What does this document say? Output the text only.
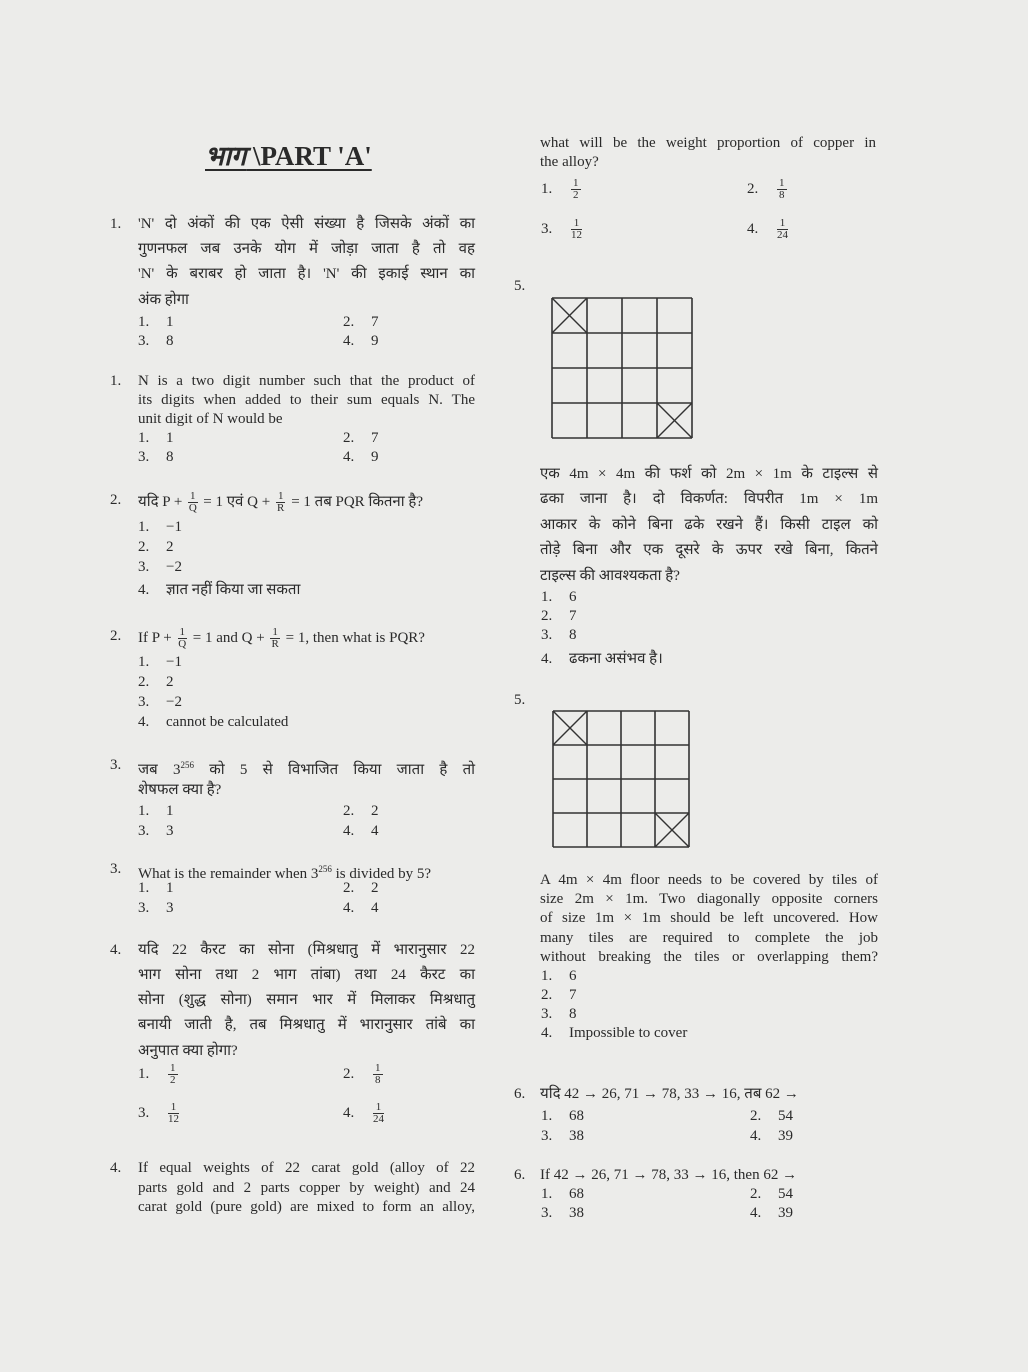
भाग \PART 'A'
1. 'N' दो अंकों की एक ऐसी संख्या है जिसके अंकों का
गुणनफल जब उनके योग में जोड़ा जाता है तो वह
'N' के बराबर हो जाता है। 'N' की इकाई स्थान का
अंक होगा
1. 1	2. 7
3. 8	4. 9
1. N is a two digit number such that the product of
its digits when added to their sum equals N. The
unit digit of N would be
1. 1	2. 7
3. 8	4. 9
2. यदि $P + \frac{1}{Q} = 1$ एवं $Q + \frac{1}{R} = 1$ तब PQR कितना है?
1. −1
2. 2
3. −2
4. ज्ञात नहीं किया जा सकता
2. If $P + \frac{1}{Q} = 1$ and $Q + \frac{1}{R} = 1$, then what is PQR?
1. −1
2. 2
3. −2
4. cannot be calculated
3. जब $3^{256}$ को 5 से विभाजित किया जाता है तो
शेषफल क्या है?
1. 1	2. 2
3. 3	4. 4
3. What is the remainder when $3^{256}$ is divided by 5?
1. 1	2. 2
3. 3	4. 4
4. यदि 22 कैरट का सोना (मिश्रधातु में भारानुसार 22
भाग सोना तथा 2 भाग तांबा) तथा 24 कैरट का
सोना (शुद्ध सोना) समान भार में मिलाकर मिश्रधातु
बनायी जाती है, तब मिश्रधातु में भारानुसार तांबे का
अनुपात क्या होगा?
1. $\frac{1}{2}$	2. $\frac{1}{8}$
3. $\frac{1}{12}$	4. $\frac{1}{24}$
4. If equal weights of 22 carat gold (alloy of 22
parts gold and 2 parts copper by weight) and 24
carat gold (pure gold) are mixed to form an alloy,
what will be the weight proportion of copper in
the alloy?
1. $\frac{1}{2}$	2. $\frac{1}{8}$
3. $\frac{1}{12}$	4. $\frac{1}{24}$
5.
एक 4m × 4m की फर्श को 2m × 1m के टाइल्स से
ढका जाना है। दो विकर्णत: विपरीत 1m × 1m
आकार के कोने बिना ढके रखने हैं। किसी टाइल को
तोड़े बिना और एक दूसरे के ऊपर रखे बिना, कितने
टाइल्स की आवश्यकता है?
1. 6
2. 7
3. 8
4. ढकना असंभव है।
5.
A 4m × 4m floor needs to be covered by tiles of
size 2m × 1m. Two diagonally opposite corners
of size 1m × 1m should be left uncovered. How
many tiles are required to complete the job
without breaking the tiles or overlapping them?
1. 6
2. 7
3. 8
4. Impossible to cover
6. यदि 42 → 26, 71 → 78, 33 → 16, तब 62 →
1. 68	2. 54
3. 38	4. 39
6. If 42 → 26, 71 → 78, 33 → 16, then 62 →
1. 68	2. 54
3. 38	4. 39
